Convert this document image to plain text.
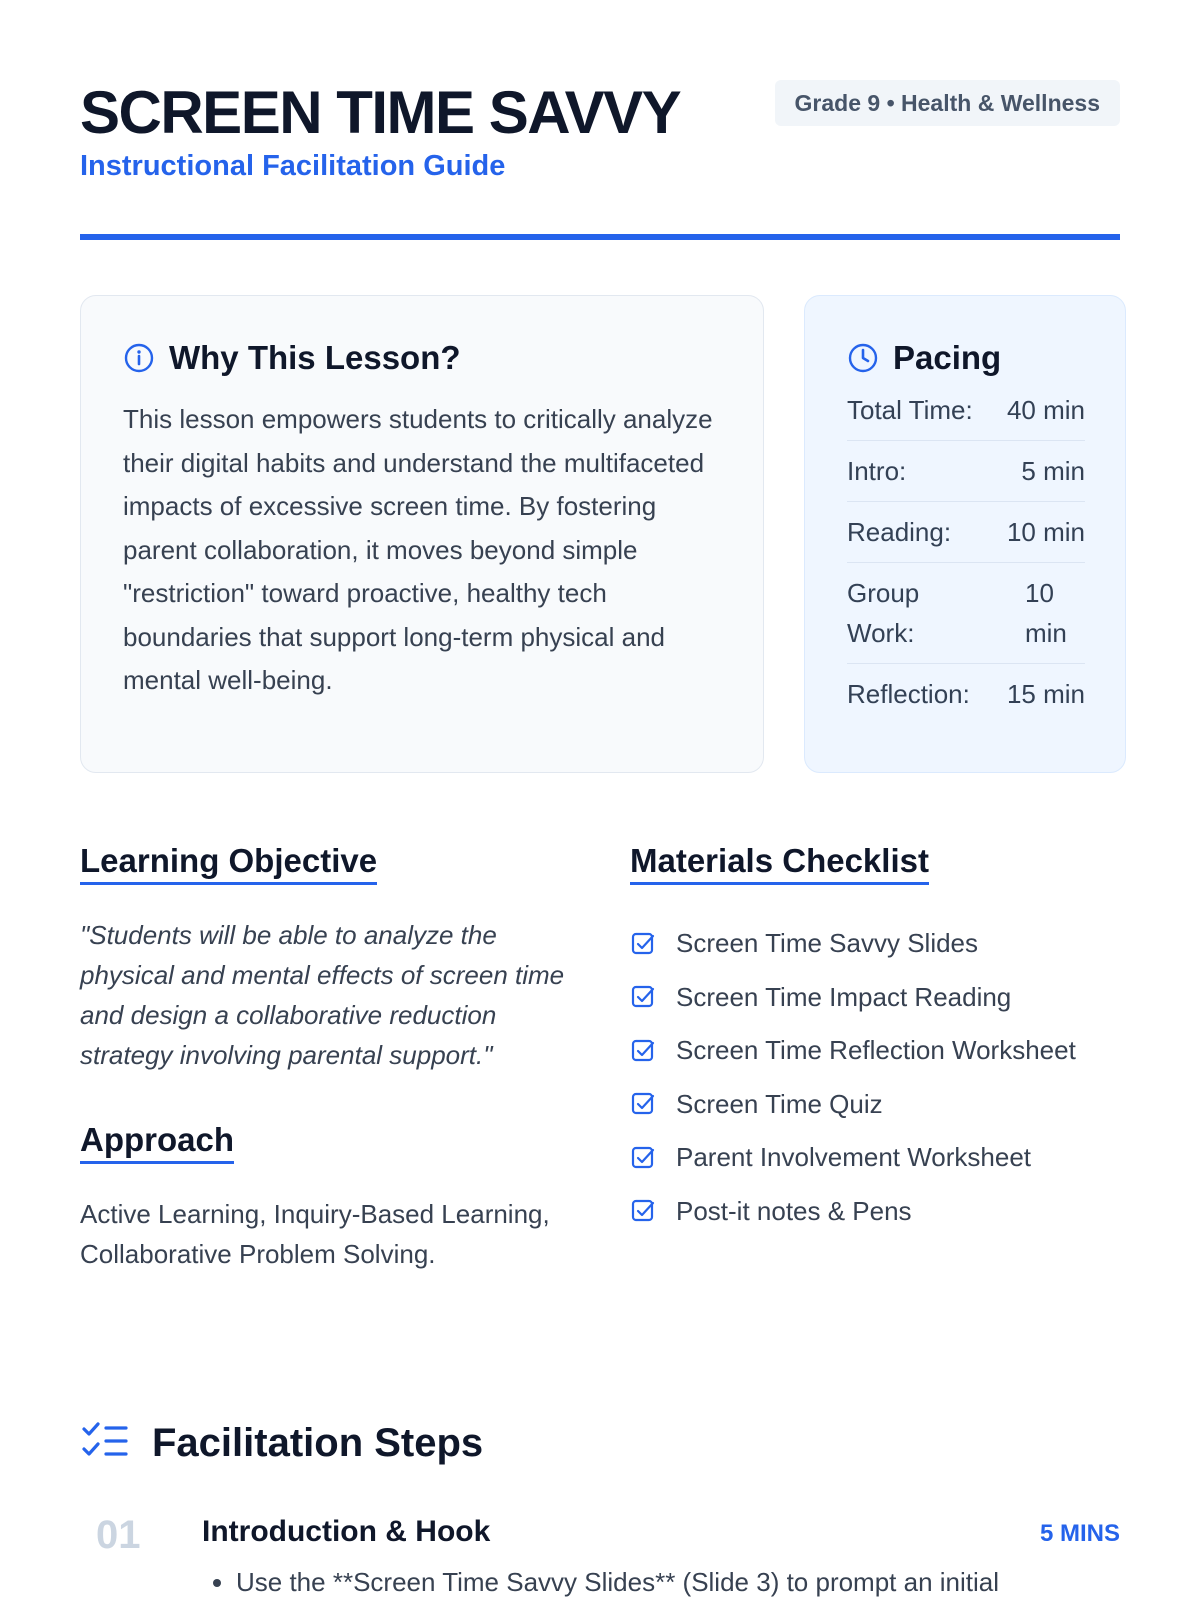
SCREEN TIME SAVVY	Grade 9 • Health & Wellness

Instructional Facilitation Guide

Why This Lesson?

This lesson empowers students to critically analyze their digital habits and understand the multifaceted impacts of excessive screen time. By fostering parent collaboration, it moves beyond simple "restriction" toward proactive, healthy tech boundaries that support long-term physical and mental well-being.

Pacing
Total Time: 40 min
Intro:	5 min
Reading: 10 min
Group Work:
10 min
Reflection: 15 min
Learning Objective

"Students will be able to analyze the physical and mental effects of screen time and design a collaborative reduction strategy involving parental support."

Approach

Active Learning, Inquiry-Based Learning, Collaborative Problem Solving.

Materials Checklist
Screen Time Savvy Slides
Screen Time Impact Reading
Screen Time Reflection Worksheet
Screen Time Quiz
Parent Involvement Worksheet
Post-it notes & Pens
Facilitation Steps
01 Introduction & Hook	5 MINS
• Use the **Screen Time Savvy Slides** (Slide 3) to prompt an initial
